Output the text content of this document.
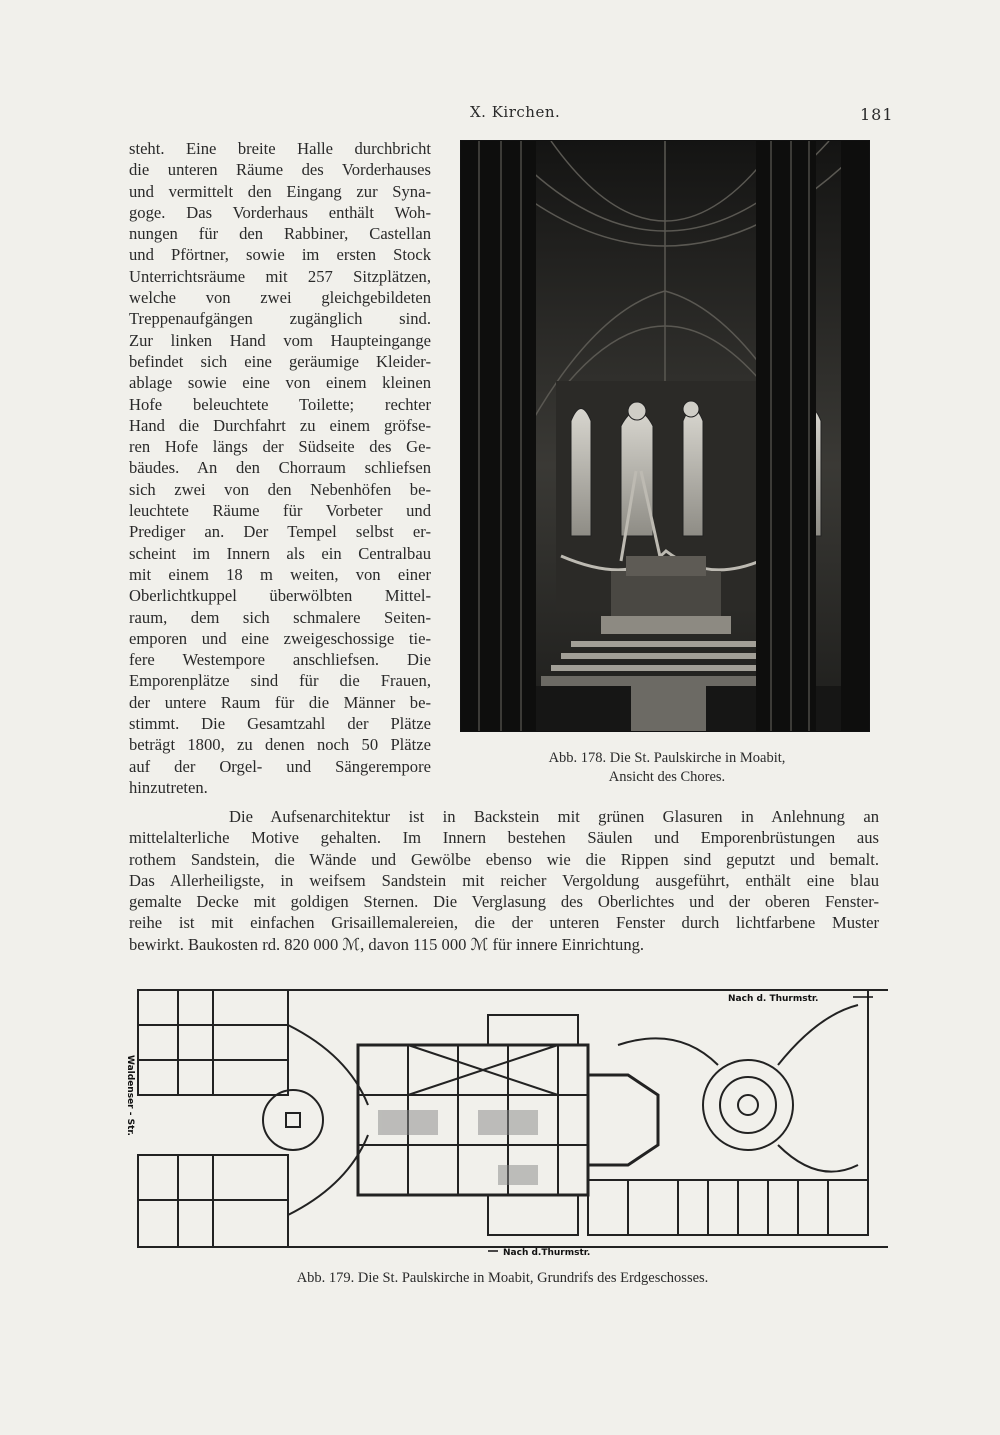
X. Kirchen.	181
steht. Eine breite Halle durchbricht
die unteren Räume des Vorderhauses
und vermittelt den Eingang zur Syna-
goge. Das Vorderhaus enthält Woh-
nungen für den Rabbiner, Castellan
und Pförtner, sowie im ersten Stock
Unterrichtsräume mit 257 Sitzplätzen,
welche von zwei gleichgebildeten
Treppenaufgängen zugänglich sind.
Zur linken Hand vom Haupteingange
befindet sich eine geräumige Kleider-
ablage sowie eine von einem kleinen
Hofe beleuchtete Toilette; rechter
Hand die Durchfahrt zu einem gröfse-
ren Hofe längs der Südseite des Ge-
bäudes. An den Chorraum schliefsen
sich zwei von den Nebenhöfen be-
leuchtete Räume für Vorbeter und
Prediger an. Der Tempel selbst er-
scheint im Innern als ein Centralbau
mit einem 18 m weiten, von einer
Oberlichtkuppel überwölbten Mittel-
raum, dem sich schmalere Seiten-
emporen und eine zweigeschossige tie-
fere Westempore anschliefsen. Die
Emporenplätze sind für die Frauen,
der untere Raum für die Männer be-
stimmt. Die Gesamtzahl der Plätze
beträgt 1800, zu denen noch 50 Plätze
auf der Orgel- und Sängerempore
hinzutreten.
Abb. 178. Die St. Paulskirche in Moabit,
Ansicht des Chores.
Die Aufsenarchitektur ist in Backstein mit grünen Glasuren in Anlehnung an
mittelalterliche Motive gehalten. Im Innern bestehen Säulen und Emporenbrüstungen aus
rothem Sandstein, die Wände und Gewölbe ebenso wie die Rippen sind geputzt und bemalt.
Das Allerheiligste, in weifsem Sandstein mit reicher Vergoldung ausgeführt, enthält eine blau
gemalte Decke mit goldigen Sternen. Die Verglasung des Oberlichtes und der oberen Fenster-
reihe ist mit einfachen Grisaillemalereien, die der unteren Fenster durch lichtfarbene Muster
bewirkt. Baukosten rd. 820 000 ℳ, davon 115 000 ℳ für innere Einrichtung.
Nach d. Thurmstr.
Nach d.Thurmstr.
Waldenser - Str.
Abb. 179. Die St. Paulskirche in Moabit, Grundrifs des Erdgeschosses.
